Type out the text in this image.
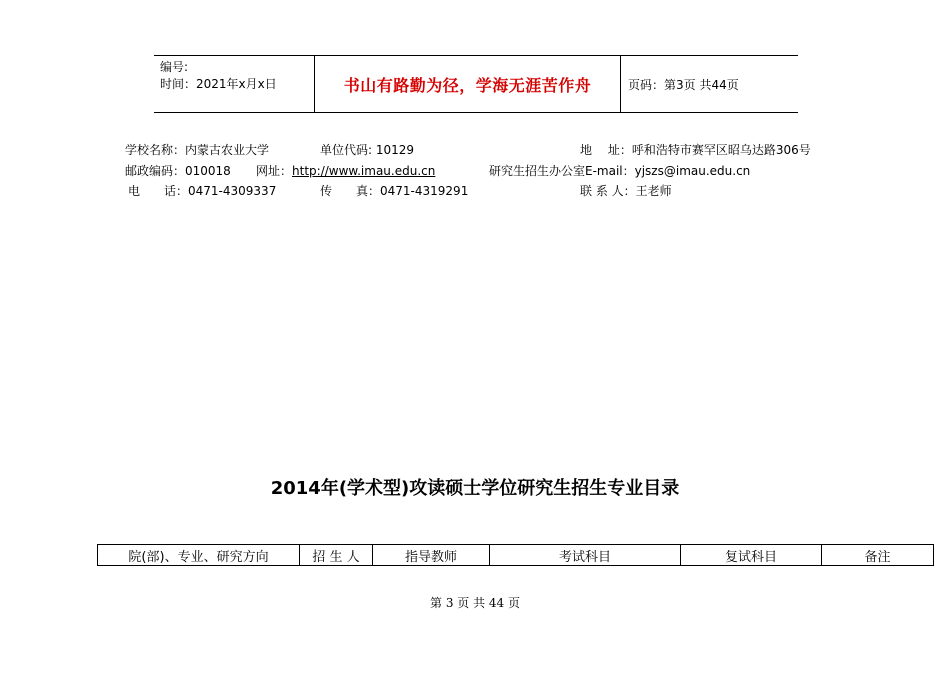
编号:
时间：2021年x月x日	书山有路勤为径，学海无涯苦作舟	页码：第3页 共44页
学校名称：内蒙古农业大学	单位代码: 10129	地　 址：呼和浩特市赛罕区昭乌达路306号
邮政编码：010018 网址：http://www.imau.edu.cn	研究生招生办公室E-mail：yjszs@imau.edu.cn
电　　话：0471-4309337	传　　真：0471-4319291	联 系 人：王老师
2014年(学术型)攻读硕士学位研究生招生专业目录
院(部)、专业、研究方向	招 生 人	指导教师	考试科目	复试科目	备注
第 3 页 共 44 页
